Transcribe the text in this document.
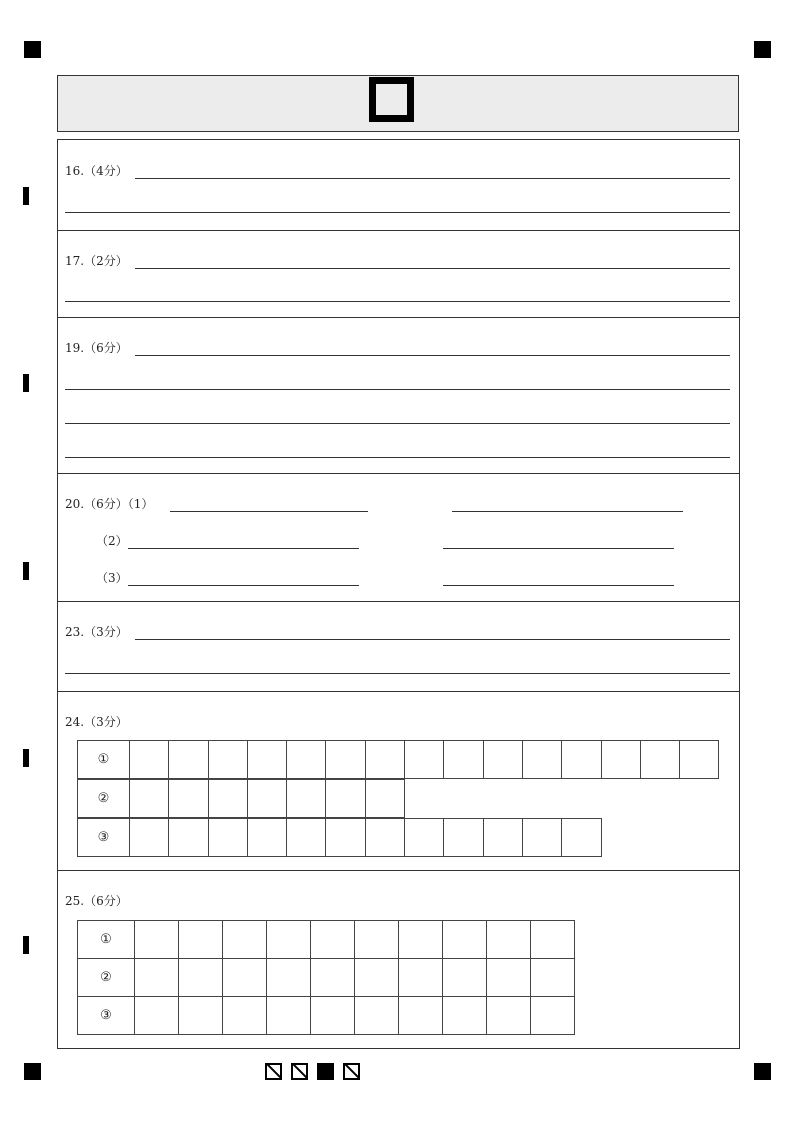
16.（4分）
17.（2分）
19.（6分）
20.（6分）（1）
（2）
（3）
23.（3分）
24.（3分）
①
②
③
25.（6分）
①
②
③
